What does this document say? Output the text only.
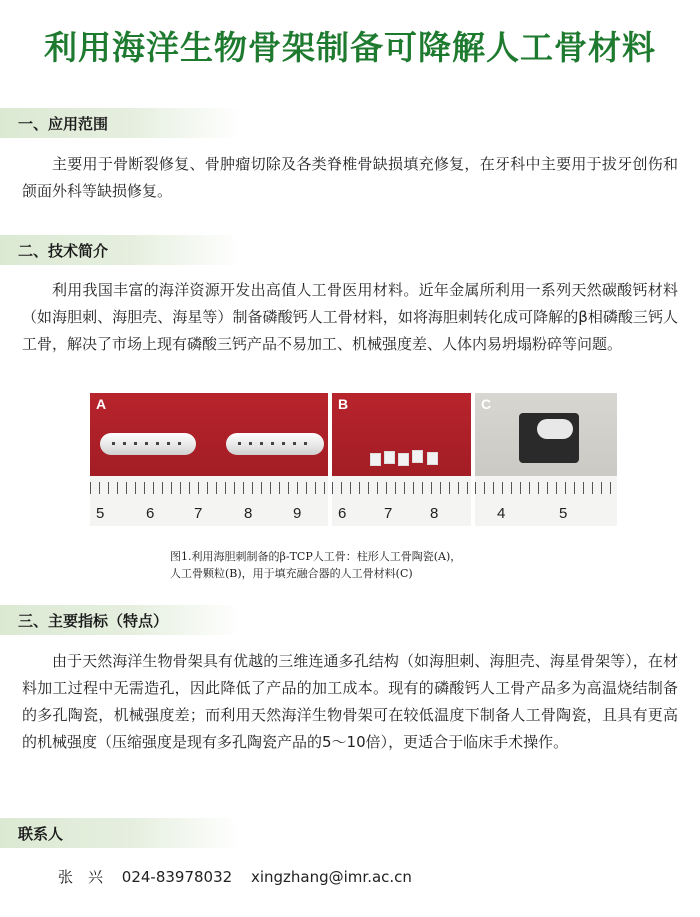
利用海洋生物骨架制备可降解人工骨材料
一、应用范围

主要用于骨断裂修复、骨肿瘤切除及各类脊椎骨缺损填充修复，在牙科中主要用于拔牙创伤和颌面外科等缺损修复。

二、技术简介

利用我国丰富的海洋资源开发出高值人工骨医用材料。近年金属所利用一系列天然碳酸钙材料（如海胆刺、海胆壳、海星等）制备磷酸钙人工骨材料，如将海胆刺转化成可降解的β相磷酸三钙人工骨，解决了市场上现有磷酸三钙产品不易加工、机械强度差、人体内易坍塌粉碎等问题。

A
5	6	7	8	9
B
6	7	8
C
4	5
图1.利用海胆刺制备的β-TCP人工骨：柱形人工骨陶瓷(A)，
人工骨颗粒(B)，用于填充融合器的人工骨材料(C)
三、主要指标（特点）

由于天然海洋生物骨架具有优越的三维连通多孔结构（如海胆刺、海胆壳、海星骨架等），在材料加工过程中无需造孔，因此降低了产品的加工成本。现有的磷酸钙人工骨产品多为高温烧结制备的多孔陶瓷，机械强度差；而利用天然海洋生物骨架可在较低温度下制备人工骨陶瓷，且具有更高的机械强度（压缩强度是现有多孔陶瓷产品的5～10倍），更适合于临床手术操作。

联系人
张　兴 024-83978032 xingzhang@imr.ac.cn
